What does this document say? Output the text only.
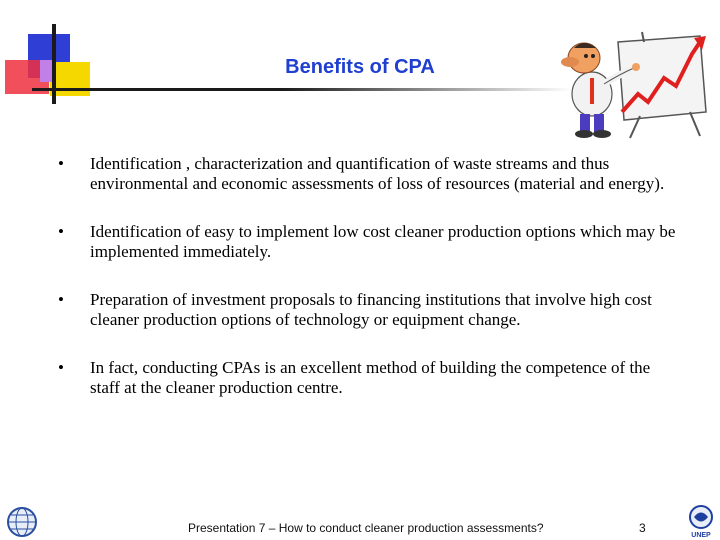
Benefits of CPA
• Identification , characterization and quantification of waste streams and thus environmental and economic assessments of loss of resources (material and energy).
• Identification of easy to implement low cost cleaner production options which may be implemented immediately.
• Preparation of investment proposals to financing institutions that involve high cost cleaner production options of technology or equipment change.
• In fact, conducting CPAs is an excellent method of building the competence of the staff at the cleaner production centre.
Presentation 7 – How to conduct cleaner production assessments?	3
UNEP
